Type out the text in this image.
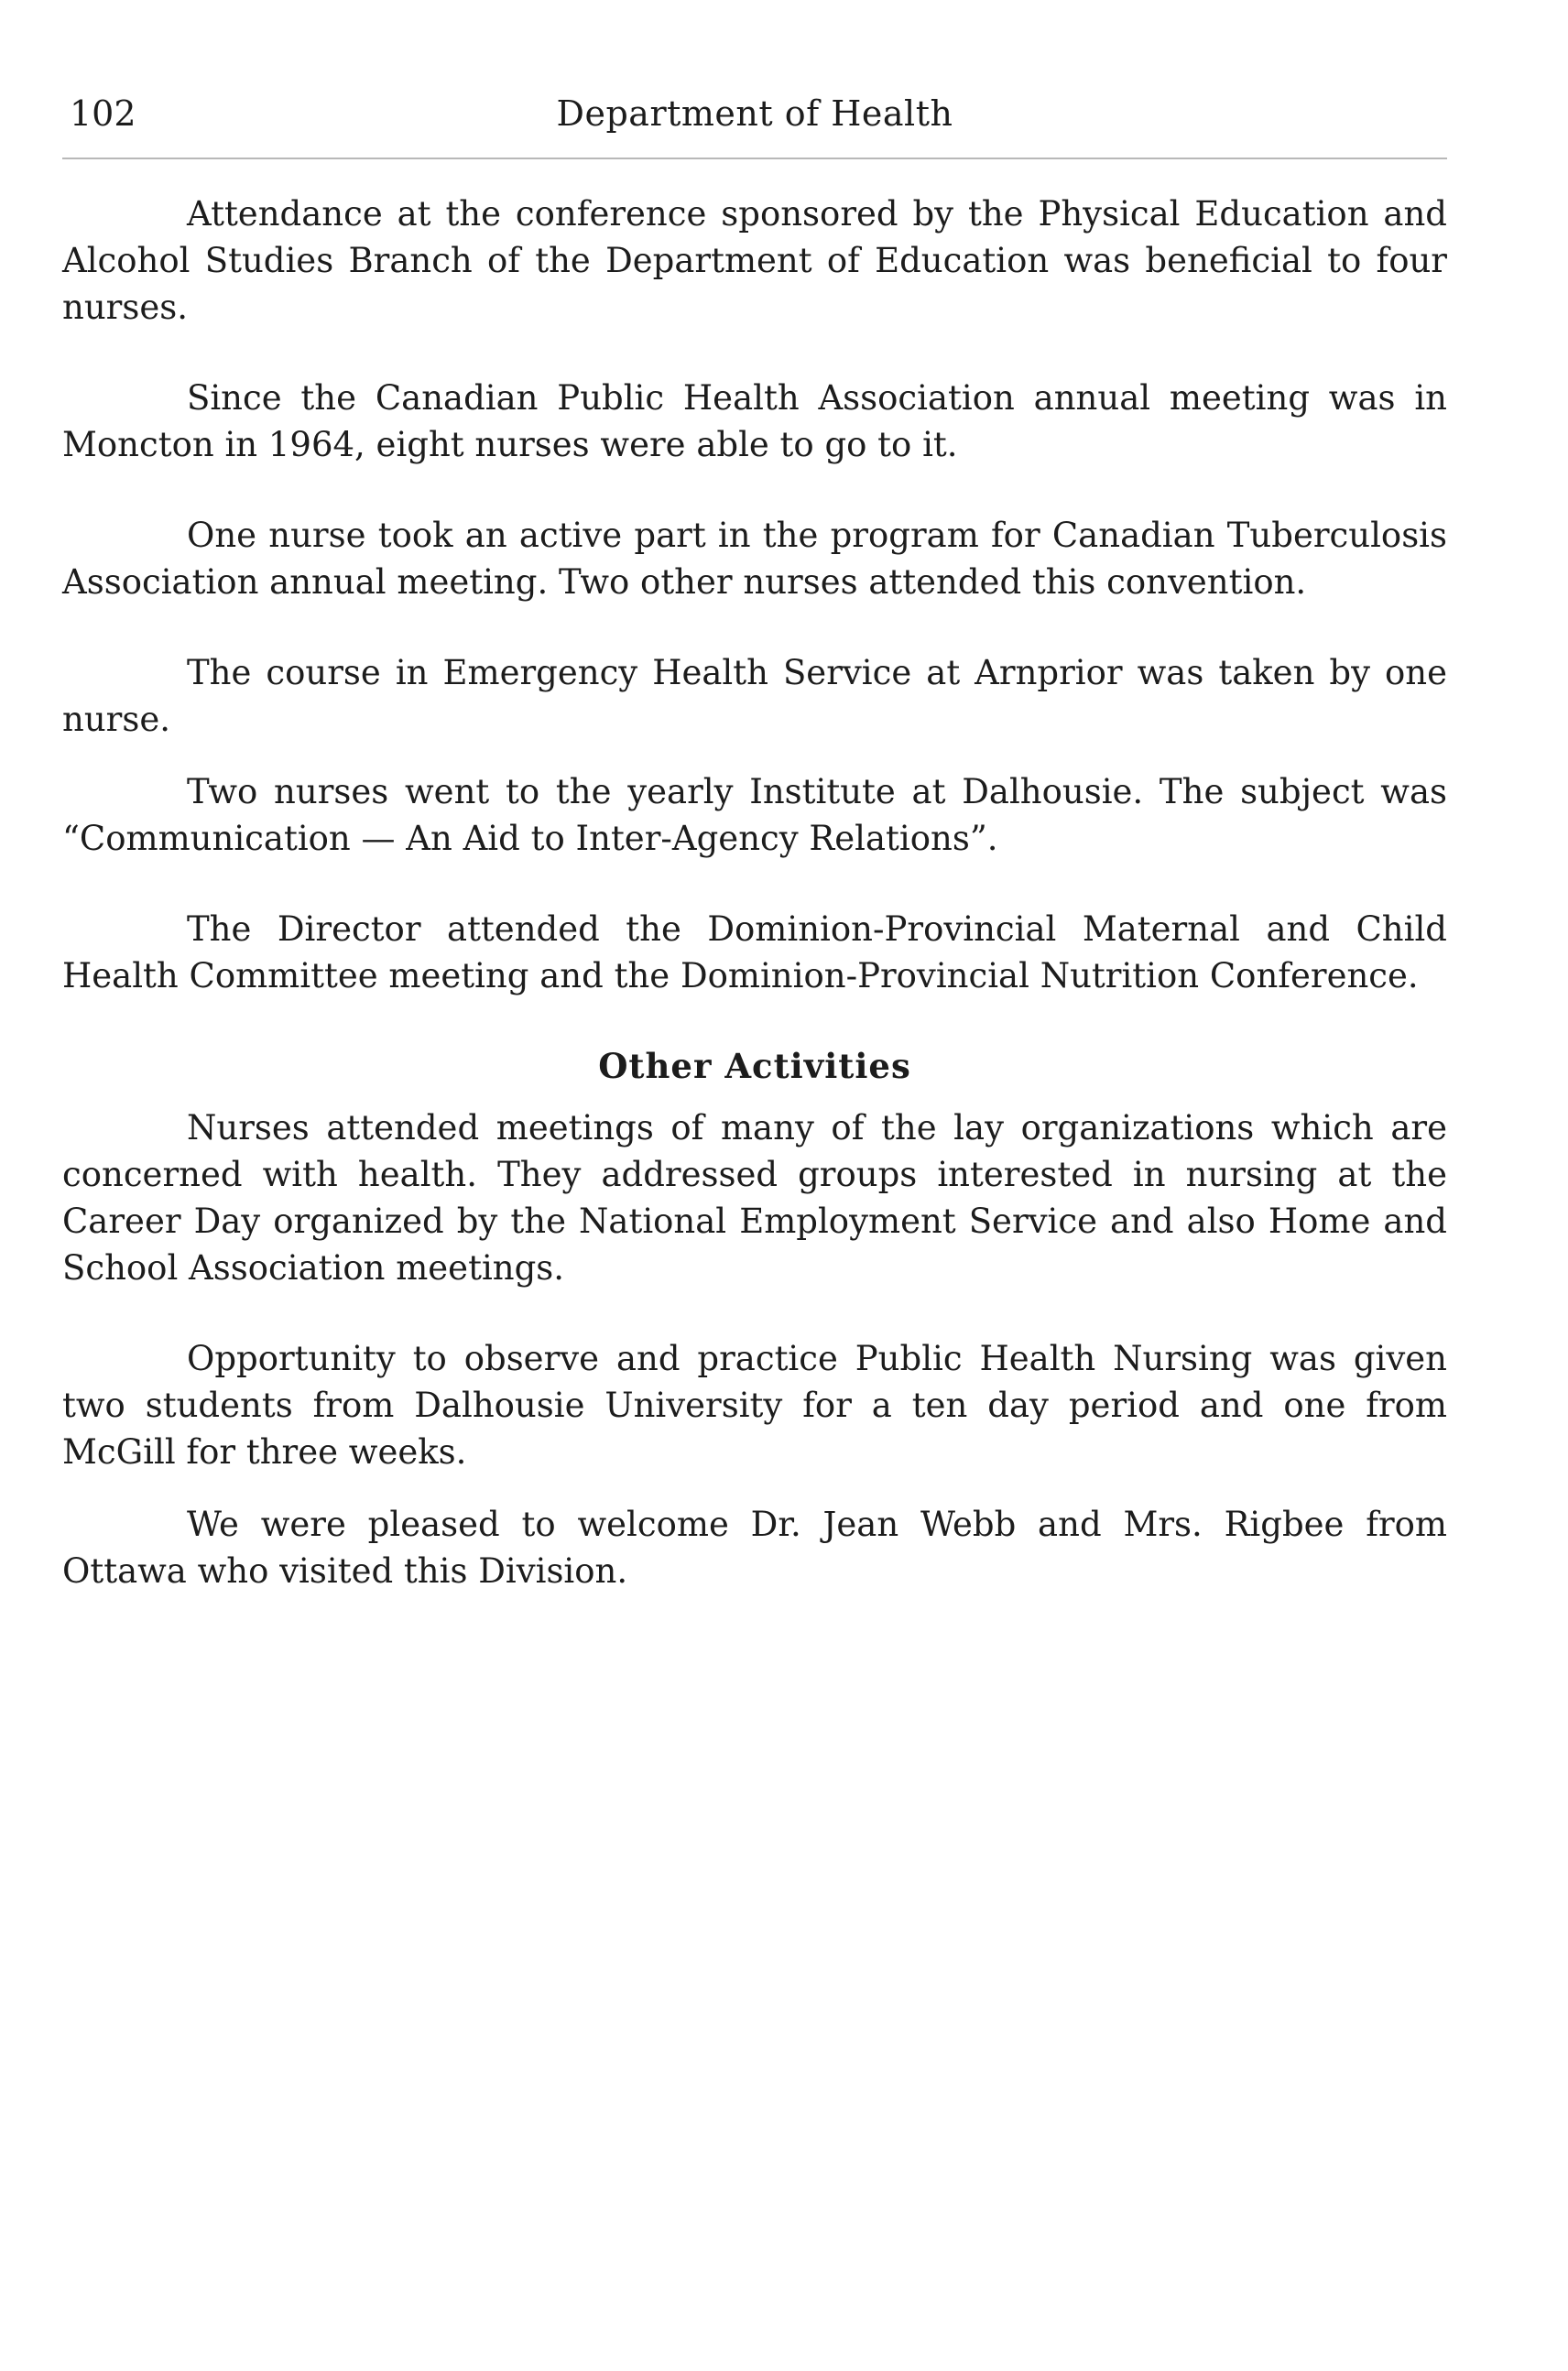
102	Department of Health

Attendance at the conference sponsored by the Physical Education and Alcohol Studies Branch of the Department of Education was beneficial to four nurses.

Since the Canadian Public Health Association annual meeting was in Moncton in 1964, eight nurses were able to go to it.

One nurse took an active part in the program for Canadian Tuberculosis Association annual meeting. Two other nurses attended this convention.

The course in Emergency Health Service at Arnprior was taken by one nurse.

Two nurses went to the yearly Institute at Dalhousie. The subject was “Communication — An Aid to Inter-Agency Relations”.

The Director attended the Dominion-Provincial Maternal and Child Health Committee meeting and the Dominion-Provincial Nutrition Conference.

Other Activities

Nurses attended meetings of many of the lay organizations which are concerned with health. They addressed groups interested in nursing at the Career Day organized by the National Employment Service and also Home and School Association meetings.

Opportunity to observe and practice Public Health Nursing was given two students from Dalhousie University for a ten day period and one from McGill for three weeks.

We were pleased to welcome Dr. Jean Webb and Mrs. Rigbee from Ottawa who visited this Division.
